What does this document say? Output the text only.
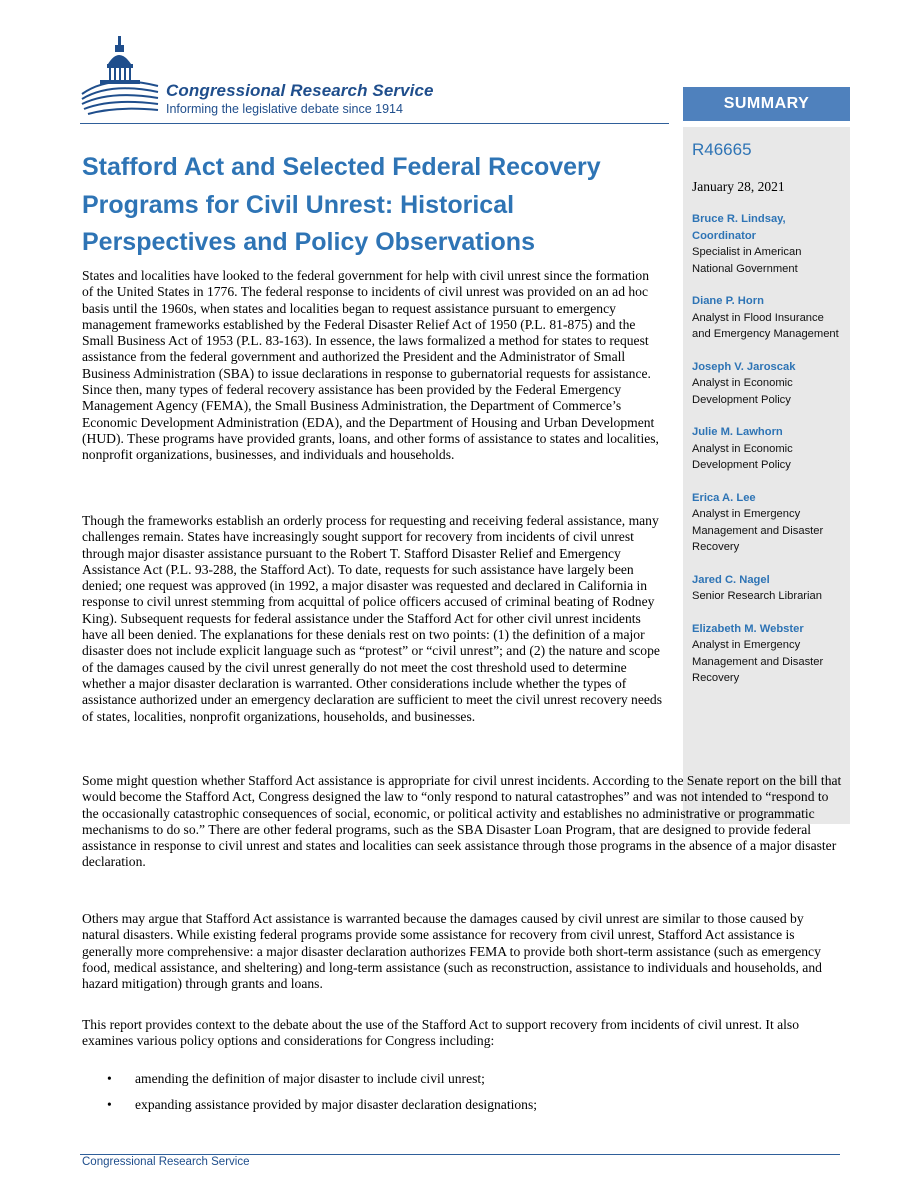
Congressional Research Service
Informing the legislative debate since 1914	SUMMARY
R46665
January 28, 2021
Bruce R. Lindsay,
Coordinator
Specialist in American National Government
Diane P. Horn
Analyst in Flood Insurance and Emergency Management
Joseph V. Jaroscak
Analyst in Economic Development Policy
Julie M. Lawhorn
Analyst in Economic Development Policy
Erica A. Lee
Analyst in Emergency Management and Disaster Recovery
Jared C. Nagel
Senior Research Librarian
Elizabeth M. Webster
Analyst in Emergency Management and Disaster Recovery
Stafford Act and Selected Federal Recovery Programs for Civil Unrest: Historical Perspectives and Policy Observations

States and localities have looked to the federal government for help with civil unrest since the formation of the United States in 1776. The federal response to incidents of civil unrest was provided on an ad hoc basis until the 1960s, when states and localities began to request assistance pursuant to emergency management frameworks established by the Federal Disaster Relief Act of 1950 (P.L. 81-875) and the Small Business Act of 1953 (P.L. 83-163). In essence, the laws formalized a method for states to request assistance from the federal government and authorized the President and the Administrator of Small Business Administration (SBA) to issue declarations in response to gubernatorial requests for assistance. Since then, many types of federal recovery assistance has been provided by the Federal Emergency Management Agency (FEMA), the Small Business Administration, the Department of Commerce’s Economic Development Administration (EDA), and the Department of Housing and Urban Development (HUD). These programs have provided grants, loans, and other forms of assistance to states and localities, nonprofit organizations, businesses, and individuals and households.

Though the frameworks establish an orderly process for requesting and receiving federal assistance, many challenges remain. States have increasingly sought support for recovery from incidents of civil unrest through major disaster assistance pursuant to the Robert T. Stafford Disaster Relief and Emergency Assistance Act (P.L. 93-288, the Stafford Act). To date, requests for such assistance have largely been denied; one request was approved (in 1992, a major disaster was requested and declared in California in response to civil unrest stemming from acquittal of police officers accused of criminal beating of Rodney King). Subsequent requests for federal assistance under the Stafford Act for other civil unrest incidents have all been denied. The explanations for these denials rest on two points: (1) the definition of a major disaster does not include explicit language such as “protest” or “civil unrest”; and (2) the nature and scope of the damages caused by the civil unrest generally do not meet the cost threshold used to determine whether a major disaster declaration is warranted. Other considerations include whether the types of assistance authorized under an emergency declaration are sufficient to meet the civil unrest recovery needs of states, localities, nonprofit organizations, households, and businesses.

Some might question whether Stafford Act assistance is appropriate for civil unrest incidents. According to the Senate report on the bill that would become the Stafford Act, Congress designed the law to “only respond to natural catastrophes” and was not intended to “respond to the occasionally catastrophic consequences of social, economic, or political activity and establishes no administrative or programmatic mechanisms to do so.” There are other federal programs, such as the SBA Disaster Loan Program, that are designed to provide federal assistance in response to civil unrest and states and localities can seek assistance through those programs in the absence of a major disaster declaration.

Others may argue that Stafford Act assistance is warranted because the damages caused by civil unrest are similar to those caused by natural disasters. While existing federal programs provide some assistance for recovery from civil unrest, Stafford Act assistance is generally more comprehensive: a major disaster declaration authorizes FEMA to provide both short-term assistance (such as emergency food, medical assistance, and sheltering) and long-term assistance (such as reconstruction, assistance to individuals and households, and hazard mitigation) through grants and loans.

This report provides context to the debate about the use of the Stafford Act to support recovery from incidents of civil unrest. It also examines various policy options and considerations for Congress including:

• amending the definition of major disaster to include civil unrest;
• expanding assistance provided by major disaster declaration designations;
Congressional Research Service
